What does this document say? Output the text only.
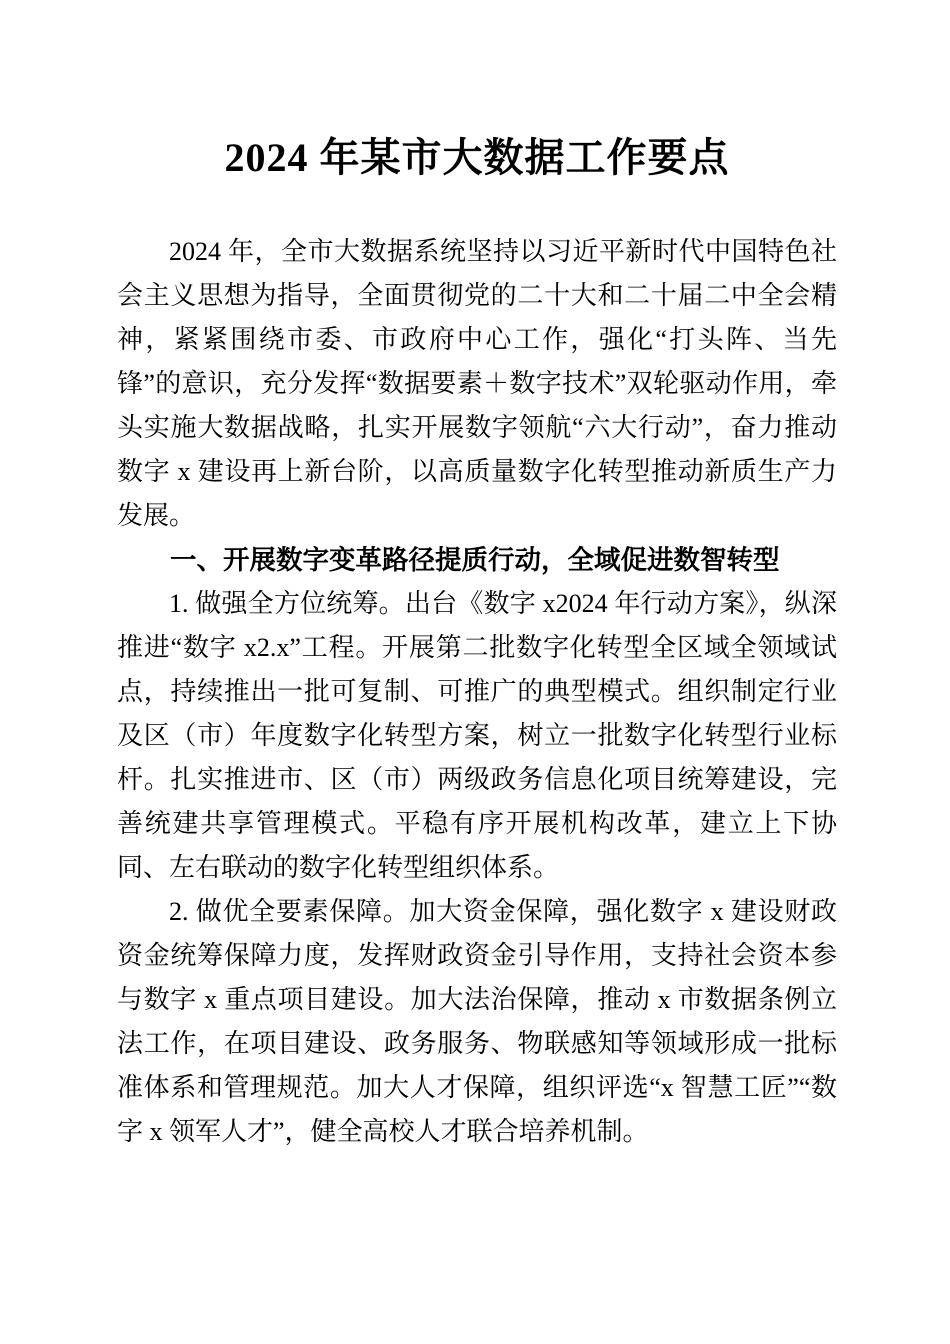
2024 年某市大数据工作要点

2024 年，全市大数据系统坚持以习近平新时代中国特色社会主义思想为指导，全面贯彻党的二十大和二十届二中全会精神，紧紧围绕市委、市政府中心工作，强化“打头阵、当先锋”的意识，充分发挥“数据要素＋数字技术”双轮驱动作用，牵头实施大数据战略，扎实开展数字领航“六大行动”，奋力推动数字 x 建设再上新台阶，以高质量数字化转型推动新质生产力发展。

一、开展数字变革路径提质行动，全域促进数智转型

1. 做强全方位统筹。出台《数字 x2024 年行动方案》，纵深推进“数字 x2.x”工程。开展第二批数字化转型全区域全领域试点，持续推出一批可复制、可推广的典型模式。组织制定行业及区（市）年度数字化转型方案，树立一批数字化转型行业标杆。扎实推进市、区（市）两级政务信息化项目统筹建设，完善统建共享管理模式。平稳有序开展机构改革，建立上下协同、左右联动的数字化转型组织体系。

2. 做优全要素保障。加大资金保障，强化数字 x 建设财政资金统筹保障力度，发挥财政资金引导作用，支持社会资本参与数字 x 重点项目建设。加大法治保障，推动 x 市数据条例立法工作，在项目建设、政务服务、物联感知等领域形成一批标准体系和管理规范。加大人才保障，组织评选“x 智慧工匠”“数字 x 领军人才”，健全高校人才联合培养机制。
